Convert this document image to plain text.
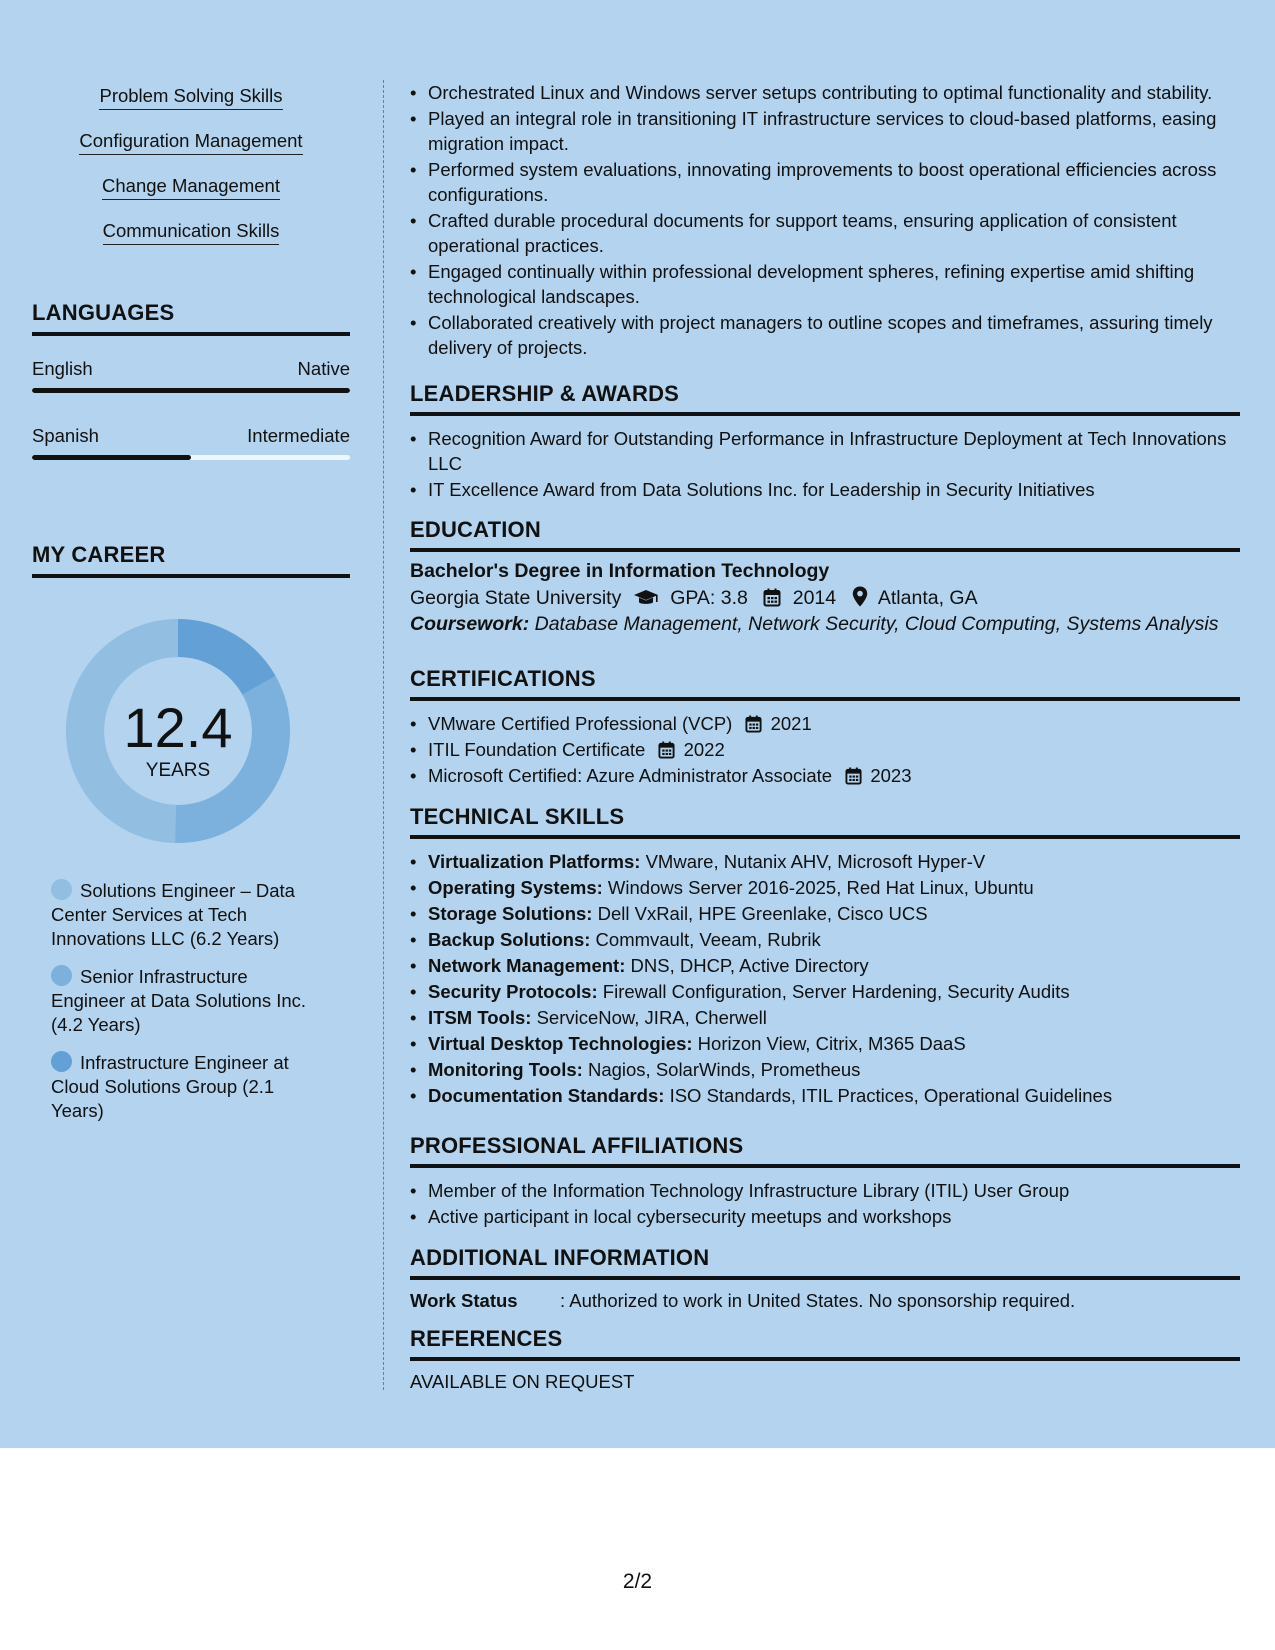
Problem Solving Skills
Configuration Management
Change Management
Communication Skills
LANGUAGES
English	Native
Spanish	Intermediate
MY CAREER
12.4
YEARS
Solutions Engineer – Data Center Services at Tech Innovations LLC (6.2 Years)
Senior Infrastructure Engineer at Data Solutions Inc. (4.2 Years)
Infrastructure Engineer at Cloud Solutions Group (2.1 Years)
• Orchestrated Linux and Windows server setups contributing to optimal functionality and stability.
• Played an integral role in transitioning IT infrastructure services to cloud-based platforms, easing migration impact.
• Performed system evaluations, innovating improvements to boost operational efficiencies across configurations.
• Crafted durable procedural documents for support teams, ensuring application of consistent operational practices.
• Engaged continually within professional development spheres, refining expertise amid shifting technological landscapes.
• Collaborated creatively with project managers to outline scopes and timeframes, assuring timely delivery of projects.
LEADERSHIP & AWARDS
• Recognition Award for Outstanding Performance in Infrastructure Deployment at Tech Innovations LLC
• IT Excellence Award from Data Solutions Inc. for Leadership in Security Initiatives
EDUCATION
Bachelor's Degree in Information Technology
Georgia State University	GPA: 3.8 2014 Atlanta, GA
Coursework: Database Management, Network Security, Cloud Computing, Systems Analysis
CERTIFICATIONS
• VMware Certified Professional (VCP) 2021
• ITIL Foundation Certificate 2022
• Microsoft Certified: Azure Administrator Associate 2023
TECHNICAL SKILLS
• Virtualization Platforms: VMware, Nutanix AHV, Microsoft Hyper-V
• Operating Systems: Windows Server 2016-2025, Red Hat Linux, Ubuntu
• Storage Solutions: Dell VxRail, HPE Greenlake, Cisco UCS
• Backup Solutions: Commvault, Veeam, Rubrik
• Network Management: DNS, DHCP, Active Directory
• Security Protocols: Firewall Configuration, Server Hardening, Security Audits
• ITSM Tools: ServiceNow, JIRA, Cherwell
• Virtual Desktop Technologies: Horizon View, Citrix, M365 DaaS
• Monitoring Tools: Nagios, SolarWinds, Prometheus
• Documentation Standards: ISO Standards, ITIL Practices, Operational Guidelines
PROFESSIONAL AFFILIATIONS
• Member of the Information Technology Infrastructure Library (ITIL) User Group
• Active participant in local cybersecurity meetups and workshops
ADDITIONAL INFORMATION
Work Status	: Authorized to work in United States. No sponsorship required.
REFERENCES
AVAILABLE ON REQUEST
2/2
